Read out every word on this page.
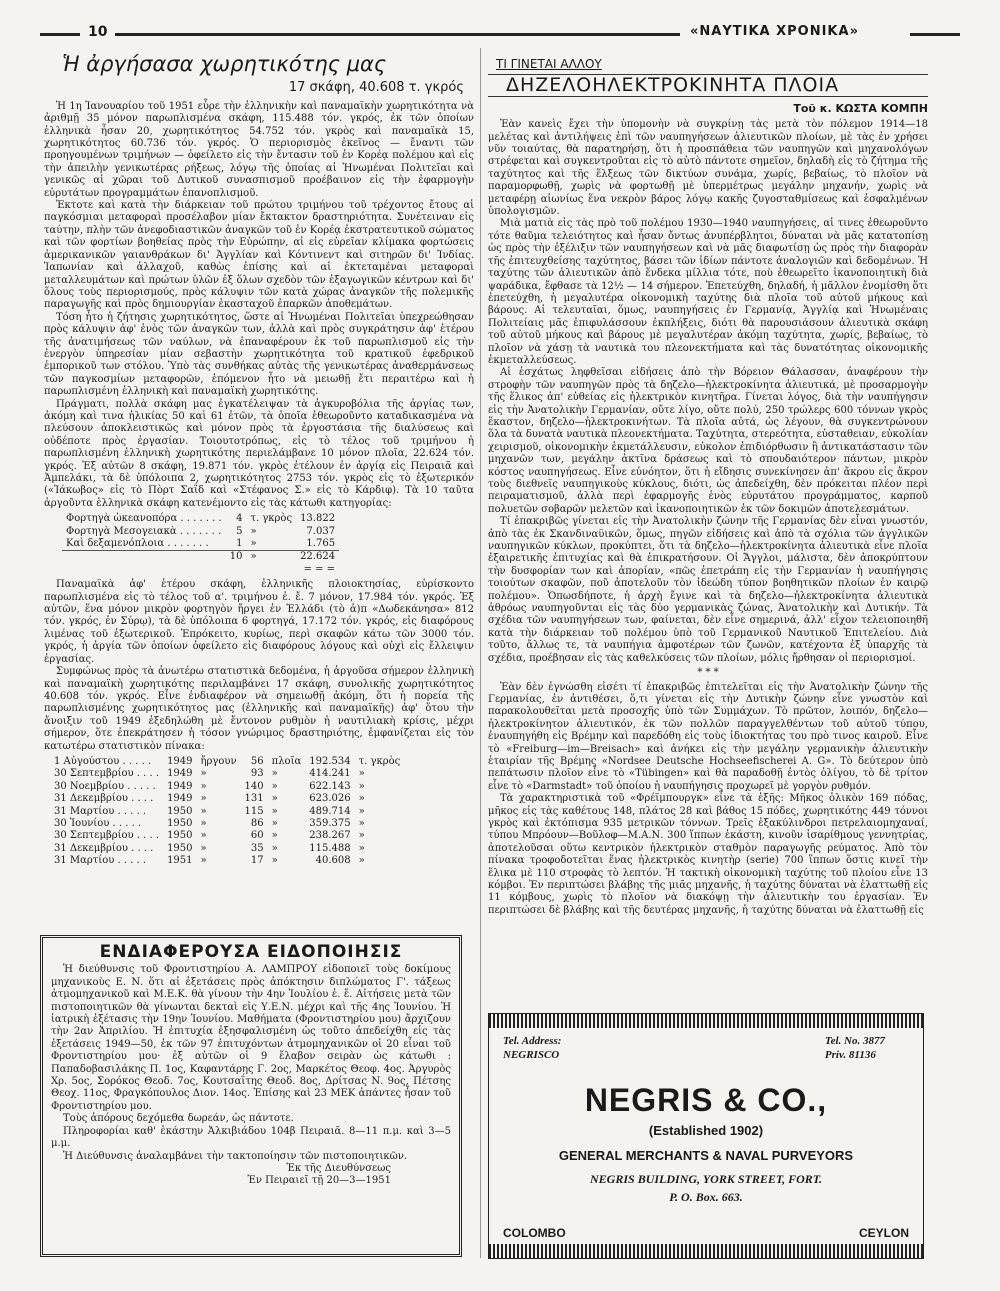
10	«ΝΑΥΤΙΚΑ ΧΡΟΝΙΚΑ»
Ἡ ἀργήσασα χωρητικότης μας
17 σκάφη, 40.608 τ. γκρός

Ἡ 1η Ἰανουαρίου τοῦ 1951 εὗρε τὴν ἑλληνικὴν καὶ παναμαϊκὴν χωρητικότητα νὰ ἀριθμῇ 35 μόνον παρωπλισμένα σκάφη, 115.488 τόν. γκρός, ἐκ τῶν ὁποίων ἑλληνικὰ ἦσαν 20, χωρητικότητος 54.752 τόν. γκρὸς καὶ παναμαϊκὰ 15, χωρητικότητος 60.736 τόν. γκρός. Ὁ περιορισμὸς ἐκεῖνος — ἔναντι τῶν προηγουμένων τριμήνων — ὀφείλετο εἰς τὴν ἔντασιν τοῦ ἐν Κορέᾳ πολέμου καὶ εἰς τὴν ἀπειλὴν γενικωτέρας ρήξεως, λόγῳ τῆς ὁποίας αἱ Ἡνωμέναι Πολιτεῖαι καὶ γενικῶς αἱ χῶραι τοῦ Δυτικοῦ συνασπισμοῦ προέβαινον εἰς τὴν ἐφαρμογὴν εὐρυτάτων προγραμμάτων ἐπανοπλισμοῦ.

Ἐκτοτε καὶ κατὰ τὴν διάρκειαν τοῦ πρώτου τριμήνου τοῦ τρέχοντος ἔτους αἱ παγκόσμιαι μεταφοραὶ προσέλαβον μίαν ἔκτακτον δραστηριότητα. Συνέτειναν εἰς ταύτην, πλὴν τῶν ἀνεφοδιαστικῶν ἀναγκῶν τοῦ ἐν Κορέᾳ ἐκστρατευτικοῦ σώματος καὶ τῶν φορτίων βοηθείας πρὸς τὴν Εὐρώπην, αἱ εἰς εὐρεῖαν κλίμακα φορτώσεις ἀμερικανικῶν γαιανθράκων δι' Ἀγγλίαν καὶ Κόντινεντ καὶ σιτηρῶν δι' Ἰνδίας. Ἰαπωνίαν καὶ ἀλλαχοῦ, καθὼς ἐπίσης καὶ αἱ ἐκτεταμέναι μεταφοραὶ μεταλλευμάτων καὶ πρώτων ὑλῶν ἐξ ὅλων σχεδὸν τῶν ἐξαγωγικῶν κέντρων καὶ δι' ὅλους τοὺς περιορισμούς, πρὸς κάλυψιν τῶν κατὰ χώρας ἀναγκῶν τῆς πολεμικῆς παραγωγῆς καὶ πρὸς δημιουργίαν ἐκασταχοῦ ἐπαρκῶν ἀποθεμάτων.

Τόση ἦτο ἡ ζήτησις χωρητικότητος, ὥστε αἱ Ἡνωμέναι Πολιτεῖαι ὑπεχρεώθησαν πρὸς κάλυψιν ἀφ' ἑνὸς τῶν ἀναγκῶν των, ἀλλὰ καὶ πρὸς συγκράτησιν ἀφ' ἑτέρου τῆς ἀνατιμήσεως τῶν ναύλων, νὰ ἐπαναφέρουν ἐκ τοῦ παρωπλισμοῦ εἰς τὴν ἐνεργὸν ὑπηρεσίαν μίαν σεβαστὴν χωρητικότητα τοῦ κρατικοῦ ἐφεδρικοῦ ἐμπορικοῦ των στόλου. Ὑπὸ τὰς συνθήκας αὐτὰς τῆς γενικωτέρας ἀναθερμάνσεως τῶν παγκοσμίων μεταφορῶν, ἑπόμενον ἦτο νὰ μειωθῇ ἔτι περαιτέρω καὶ ἡ παρωπλισμένη ἑλληνικὴ καὶ παναμαϊκὴ χωρητικότης.

Πράγματι, πολλὰ σκάφη μας ἐγκατέλειψαν τὰ ἀγκυροβόλια τῆς ἀργίας των, ἀκόμη καὶ τινα ἡλικίας 50 καὶ 61 ἐτῶν, τὰ ὁποῖα ἐθεωροῦντο καταδικασμένα νὰ πλεύσουν ἀποκλειστικῶς καὶ μόνον πρὸς τὰ ἐργοστάσια τῆς διαλύσεως καὶ οὐδέποτε πρὸς ἐργασίαν. Τοιουτοτρόπως, εἰς τὸ τέλος τοῦ τριμήνου ἡ παρωπλισμένη ἑλληνικὴ χωρητικότης περιελάμβανε 10 μόνον πλοῖα, 22.624 τόν. γκρός. Ἐξ αὐτῶν 8 σκάφη, 19.871 τόν. γκρὸς ἐτέλουν ἐν ἀργίᾳ εἰς Πειραιᾶ καὶ Ἀμπελάκι, τὰ δὲ ὑπόλοιπα 2, χωρητικότητος 2753 τόν. γκρὸς εἰς τὸ ἐξωτερικόν («Ἰάκωβος» εἰς τὸ Πὸρτ Σαΐδ καὶ «Στέφανος Σ.» εἰς τὸ Κάρδιφ). Τὰ 10 ταῦτα ἀργοῦντα ἑλληνικὰ σκάφη κατενέμοντο εἰς τὰς κάτωθι κατηγορίας:

Φορτηγὰ ὠκεανοπόρα . . . . . . .	4	τ. γκρὸς	13.822
Φορτηγὰ Μεσογειακὰ . . . . . . .	5	»	7.037
Καὶ δεξαμενόπλοια . . . . . . .	1	»	1.765
	10	»	22.624
			= = =

Παναμαϊκὰ ἀφ' ἑτέρου σκάφη, ἑλληνικῆς πλοιοκτησίας, εὑρίσκοντο παρωπλισμένα εἰς τὸ τέλος τοῦ α'. τριμήνου ἐ. ἔ. 7 μόνον, 17.984 τόν. γκρός. Ἐξ αὐτῶν, ἕνα μόνον μικρὸν φορτηγὸν ἤργει ἐν Ἑλλάδι (τὸ ἀ)π «Δωδεκάνησα» 812 τόν. γκρός, ἐν Σύρῳ), τὰ δὲ ὑπόλοιπα 6 φορτηγά, 17.172 τόν. γκρός, εἰς διαφόρους λιμένας τοῦ ἐξωτερικοῦ. Ἐπρόκειτο, κυρίως, περὶ σκαφῶν κάτω τῶν 3000 τόν. γκρός, ἡ ἀργία τῶν ὁποίων ὀφείλετο εἰς διαφόρους λόγους καὶ οὐχὶ εἰς ἔλλειψιν ἐργασίας.

Συμφώνως πρὸς τὰ ἀνωτέρω στατιστικὰ δεδομένα, ἡ ἀργοῦσα σήμερον ἑλληνικὴ καὶ παναμαϊκὴ χωρητικότης περιλαμβάνει 17 σκάφη, συνολικῆς χωρητικότητος 40.608 τόν. γκρός. Εἶνε ἐνδιαφέρον νὰ σημειωθῇ ἀκόμη, ὅτι ἡ πορεία τῆς παρωπλισμένης χωρητικότητος μας (ἑλληνικῆς καὶ παναμαϊκῆς) ἀφ' ὅτου τὴν ἄνοιξιν τοῦ 1949 ἐξεδηλώθη μὲ ἔντονον ρυθμὸν ἡ ναυτιλιακὴ κρίσις, μέχρι σήμερον, ὅτε ἐπεκράτησεν ἡ τόσον γνώριμος δραστηριότης, ἐμφανίζεται εἰς τὸν κατωτέρω στατιστικὸν πίνακα:

1 Αὐγούστου . . . . .	1949	ἤργουν	56	πλοῖα	192.534	τ. γκρὸς
30 Σεπτεμβρίου . . . .	1949	»	93	»	414.241	»
30 Νοεμβρίου . . . . .	1949	»	140	»	622.143	»
31 Δεκεμβρίου . . . .	1949	»	131	»	623.026	»
31 Μαρτίου . . . . .	1950	»	115	»	489.714	»
30 Ἰουνίου . . . . .	1950	»	86	»	359.375	»
30 Σεπτεμβρίου . . . .	1950	»	60	»	238.267	»
31 Δεκεμβρίου . . . .	1950	»	35	»	115.488	»
31 Μαρτίου . . . . .	1951	»	17	»	40.608	»
ΕΝΔΙΑΦΕΡΟΥΣΑ ΕΙΔΟΠΟΙΗΣΙΣ

Ἡ διεύθυνσις τοῦ Φροντιστηρίου Α. ΛΑΜΠΡΟΥ εἰδοποιεῖ τοὺς δοκίμους μηχανικοὺς Ε. Ν. ὅτι αἱ ἐξετάσεις πρὸς ἀπόκτησιν διπλώματος Γ'. τάξεως ἀτμομηχανικοῦ καὶ Μ.Ε.Κ. θὰ γίνουν τὴν 4ην Ἰουλίου ἐ. ἔ. Αἰτήσεις μετὰ τῶν πιστοποιητικῶν θὰ γίνωνται δεκταὶ εἰς Υ.Ε.Ν. μέχρι καὶ τῆς 4ης Ἰουνίου. Ἡ ἰατρικὴ ἐξέτασις τὴν 19ην Ἰουνίου. Μαθήματα (Φροντιστηρίου μου) ἄρχιζουν τὴν 2αν Ἀπριλίου. Ἡ ἐπιτυχία ἐξησφαλισμένη ὡς τοῦτο ἀπεδείχθη εἰς τὰς ἐξετάσεις 1949—50, ἐκ τῶν 97 ἐπιτυχόντων ἀτμομηχανικῶν οἱ 20 εἶναι τοῦ Φροντιστηρίου μου· ἐξ αὐτῶν οἱ 9 ἔλαβον σειρὰν ὡς κάτωθι : Παπαδοβασιλάκης Π. 1ος, Καφαντάρης Γ. 2ος, Μαρκέτος Θεοφ. 4ος. Ἀργυρὸς Χρ. 5ος, Σορόκος Θεοδ. 7ος, Κουτσαΐτης Θεοδ. 8ος, Δρίτσας Ν. 9ος, Πέτσης Θεοχ. 11ος, Φραγκόπουλος Διον. 14ος. Ἐπίσης καὶ 23 ΜΕΚ ἀπάντες ἦσαν τοῦ Φροντιστηρίου μου.

Τοὺς ἀπόρους δεχόμεθα δωρεάν, ὡς πάντοτε.

Πληροφορίαι καθ' ἑκάστην Ἀλκιβιάδου 104β Πειραιᾶ. 8—11 π.μ. καὶ 3—5 μ.μ.

Ἡ Διεύθυνσις ἀναλαμβάνει τὴν τακτοποίησιν τῶν πιστοποιητικῶν.

Ἐκ τῆς Διευθύνσεως

Ἐν Πειραιεῖ τῇ 20—3—1951

ΤΙ ΓΙΝΕΤΑΙ ΑΛΛΟΥ
ΔΗΖΕΛΟΗΛΕΚΤΡΟΚΙΝΗΤΑ ΠΛΟΙΑ
Τοῦ κ. ΚΩΣΤΑ ΚΟΜΠΗ

Ἐὰν κανεὶς ἔχει τὴν ὑπομονὴν νὰ συγκρίνῃ τὰς μετὰ τὸν πόλεμον 1914—18 μελέτας καὶ ἀντιλήψεις ἐπὶ τῶν ναυπηγήσεων ἁλιευτικῶν πλοίων, μὲ τὰς ἐν χρήσει νῦν τοιαύτας, θὰ παρατηρήσῃ, ὅτι ἡ προσπάθεια τῶν ναυπηγῶν καὶ μηχανολόγων στρέφεται καὶ συγκεντροῦται εἰς τὸ αὐτὸ πάντοτε σημεῖον, δηλαδὴ εἰς τὸ ζήτημα τῆς ταχύτητος καὶ τῆς ἕλξεως τῶν δικτύων συνάμα, χωρίς, βεβαίως, τὸ πλοῖον νὰ παραμορφωθῇ, χωρὶς νὰ φορτωθῇ μὲ ὑπερμέτρως μεγάλην μηχανήν, χωρὶς νὰ μεταφέρῃ αἰωνίως ἕνα νεκρὸν βάρος λόγῳ κακῆς ζυγοσταθμίσεως καὶ ἐσφαλμένων ὑπολογισμῶν.

Μιὰ ματιὰ εἰς τὰς πρὸ τοῦ πολέμου 1930—1940 ναυπηγήσεις, αἱ τινες ἐθεωροῦντο τότε θαῦμα τελειότητος καὶ ἦσαν ὄντως ἀνυπέρβλητοι, δύναται νὰ μᾶς κατατοπίσῃ ὡς πρὸς τὴν ἐξέλιξιν τῶν ναυπηγήσεων καὶ νὰ μᾶς διαφωτίσῃ ὡς πρὸς τὴν διαφορὰν τῆς ἐπιτευχθείσης ταχύτητος, βάσει τῶν ἰδίων πάντοτε ἀναλογιῶν καὶ δεδομένων. Ἡ ταχύτης τῶν ἁλιευτικῶν ἀπὸ ἕνδεκα μίλλια τότε, ποὺ ἐθεωρεῖτο ἱκανοποιητικὴ διὰ ψαράδικα, ἔφθασε τὰ 12½ — 14 σήμερον. Ἐπετεύχθη, δηλαδή, ἡ μᾶλλον ἐνομίσθη ὅτι ἐπετεύχθη, ἡ μεγαλυτέρα οἰκονομικὴ ταχύτης διὰ πλοῖα τοῦ αὐτοῦ μήκους καὶ βάρους. Αἱ τελευταῖαι, ὅμως, ναυπηγήσεις ἐν Γερμανίᾳ, Ἀγγλίᾳ καὶ Ἡνωμέναις Πολιτείαις μᾶς ἐπιφυλάσσουν ἐκπλήξεις, διότι θὰ παρουσιάσουν ἁλιευτικὰ σκάφη τοῦ αὐτοῦ μήκους καὶ βάρους μὲ μεγαλυτέραν ἀκόμη ταχύτητα, χωρίς, βεβαίως, τὸ πλοῖον νὰ χάσῃ τὰ ναυτικὰ του πλεονεκτήματα καὶ τὰς δυνατότητας οἰκονομικῆς ἐκμεταλλεύσεως.

Αἱ ἐσχάτως ληφθεῖσαι εἰδήσεις ἀπὸ τὴν Βόρειον Θάλασσαν, ἀναφέρουν τὴν στροφὴν τῶν ναυπηγῶν πρὸς τὰ δηζελο—ἠλεκτροκίνητα ἁλιευτικά, μὲ προσαρμογὴν τῆς ἕλικος ἀπ' εὐθείας εἰς ἠλεκτρικὸν κινητῆρα. Γίνεται λόγος, διὰ τὴν ναυπήγησιν εἰς τὴν Ἀνατολικὴν Γερμανίαν, οὔτε λίγο, οὔτε πολύ, 250 τρώλερς 600 τόννων γκρὸς ἕκαστον, δηζελο—ἠλεκτροκινήτων. Τὰ πλοῖα αὐτά, ὡς λέγουν, θὰ συγκεντρώνουν ὅλα τὰ δυνατὰ ναυτικὰ πλεονεκτήματα. Ταχύτητα, στερεότητα, εὐσταθειαν, εὐκολίαν χειρισμοῦ, οἰκονομικὴν ἐκμετάλλευσιν, εὐκολον ἐπιδιόρθωσιν ἢ ἀντικατάστασιν τῶν μηχανῶν των, μεγάλην ἀκτῖνα δράσεως καὶ τὸ σπουδαιότερον πάντων, μικρὸν κόστος ναυπηγήσεως. Εἶνε εὐνόητον, ὅτι ἡ εἴδησις συνεκίνησεν ἀπ' ἄκρου εἰς ἄκρον τοὺς διεθνεῖς ναυπηγικοὺς κύκλους, διότι, ὡς ἀπεδείχθη, δὲν πρόκειται πλέον περὶ πειραματισμοῦ, ἀλλὰ περὶ ἐφαρμογῆς ἑνὸς εὐρυτάτου προγράμματος, καρποῦ πολυετῶν σοβαρῶν μελετῶν καὶ ἱκανοποιητικῶν ἐκ τῶν δοκιμῶν ἀποτελεσμάτων.

Τί ἐπακριβῶς γίνεται εἰς τὴν Ἀνατολικὴν ζώνην τῆς Γερμανίας δὲν εἶναι γνωστόν, ἀπὸ τὰς ἐκ Σκανδιναϋικῶν, ὅμως, πηγῶν εἰδήσεις καὶ ἀπὸ τὰ σχόλια τῶν ἀγγλικῶν ναυπηγικῶν κύκλων, προκύπτει, ὅτι τὰ δηζελο—ἠλεκτροκίνητα ἁλιευτικὰ εἶνε πλοῖα ἐξαιρετικῆς ἐπιτυχίας καὶ θὰ ἐπικρατήσουν. Οἱ Ἄγγλοι, μάλιστα, δὲν ἀποκρύπτουν τὴν δυσφορίαν των καὶ ἀπορίαν, «πῶς ἐπετράπη εἰς τὴν Γερμανίαν ἡ ναυπήγησις τοιούτων σκαφῶν, ποῦ ἀποτελοῦν τὸν ἰδεώδη τύπον βοηθητικῶν πλοίων ἐν καιρῷ πολέμου». Ὁπωσδήποτε, ἡ ἀρχὴ ἔγινε καὶ τὰ δηζελο—ἠλεκτροκίνητα ἁλιευτικὰ ἀθρόως ναυπηγοῦνται εἰς τὰς δύο γερμανικὰς ζώνας, Ἀνατολικὴν καὶ Δυτικήν. Τὰ σχέδια τῶν ναυπηγήσεων των, φαίνεται, δὲν εἶνε σημερινά, ἀλλ' εἶχον τελειοποιηθῆ κατὰ τὴν διάρκειαν τοῦ πολέμου ὑπὸ τοῦ Γερμανικοῦ Ναυτικοῦ Ἐπιτελείου. Διὰ τοῦτο, ἄλλως τε, τὰ ναυπήγια ἀμφοτέρων τῶν ζωνῶν, κατέχοντα ἐξ ὑπαρχῆς τὰ σχέδια, προέβησαν εἰς τὰς καθελκύσεις τῶν πλοίων, μόλις ἤρθησαν οἱ περιορισμοί.

* * *

Ἐὰν δὲν ἐγνώσθη εἰσέτι τί ἐπακριβῶς ἐπιτελεῖται εἰς τὴν Ἀνατολικὴν ζώνην τῆς Γερμανίας, ἐν ἀντιθέσει, ὅ,τι γίνεται εἰς τὴν Δυτικὴν ζώνην εἶνε γνωστὸν καὶ παρακολουθεῖται μετὰ προσοχῆς ὑπὸ τῶν Συμμάχων. Τὸ πρῶτον, λοιπόν, δηζελο—ἠλεκτροκίνητον ἁλιευτικόν, ἐκ τῶν πολλῶν παραγγελθέντων τοῦ αὐτοῦ τύπου, ἐναυπηγήθη εἰς Βρέμην καὶ παρεδόθη εἰς τοὺς ἰδιοκτήτας του πρὸ τινος καιροῦ. Εἶνε τὸ «Freiburg—im—Breisach» καὶ ἀνήκει εἰς τὴν μεγάλην γερμανικὴν ἁλιευτικὴν ἑταιρίαν τῆς Βρέμης «Nordsee Deutsche Hochseefischerei A. G». Τὸ δεύτερον ὑπὸ πεπάτωσιν πλοῖον εἶνε τὸ «Tübingen» καὶ θὰ παραδοθῇ ἐντὸς ὀλίγου, τὸ δὲ τρίτον εἶνε τὸ «Darmstadt» τοῦ ὁποίου ἡ ναυπήγησις προχωρεῖ μὲ γοργὸν ρυθμόν.

Τὰ χαρακτηριστικὰ τοῦ «Φρέϊμπουργκ» εἶνε τὰ ἑξῆς: Μῆκος ὁλικὸν 169 πόδας, μῆκος εἰς τὰς καθέτους 148, πλάτος 28 καὶ βάθος 15 πόδες, χωρητικότης 449 τόννοι γκρὸς καὶ ἐκτόπισμα 935 μετρικῶν τόννων. Τρεῖς ἑξακύλινδροι πετρελαιομηχαναί, τύπου Μπρόουν—Βοῦλοφ—Μ.Α.Ν. 300 ἵππων ἑκάστη, κινοῦν ἰσαρίθμους γεννητρίας, ἀποτελοῦσαι οὕτω κεντρικὸν ἠλεκτρικὸν σταθμὸν παραγωγῆς ρεύματος. Ἀπὸ τὸν πίνακα τροφοδοτεῖται ἕνας ἠλεκτρικὸς κινητὴρ (serie) 700 ἵππων ὅστις κινεῖ τὴν ἕλικα μὲ 110 στροφὰς τὸ λεπτόν. Ἡ τακτικὴ οἰκονομικὴ ταχύτης τοῦ πλοίου εἶνε 13 κόμβοι. Ἐν περιπτώσει βλάβης τῆς μιᾶς μηχανῆς, ἡ ταχύτης δύναται νὰ ἐλαττωθῇ εἰς 11 κόμβους, χωρὶς τὸ πλοῖον νὰ διακόψῃ τὴν ἁλιευτικὴν του ἐργασίαν. Ἐν περιπτώσει δὲ βλάβης καὶ τῆς δευτέρας μηχανῆς, ἡ ταχύτης δύναται νὰ ἐλαττωθῇ εἰς

Tel. Address:
NEGRISCO
Tel. No. 3877
Priv. 81136
NEGRIS & CO.,
(Established 1902)
GENERAL MERCHANTS & NAVAL PURVEYORS
NEGRIS BUILDING, YORK STREET, FORT.
P. O. Box. 663.
COLOMBO	CEYLON
